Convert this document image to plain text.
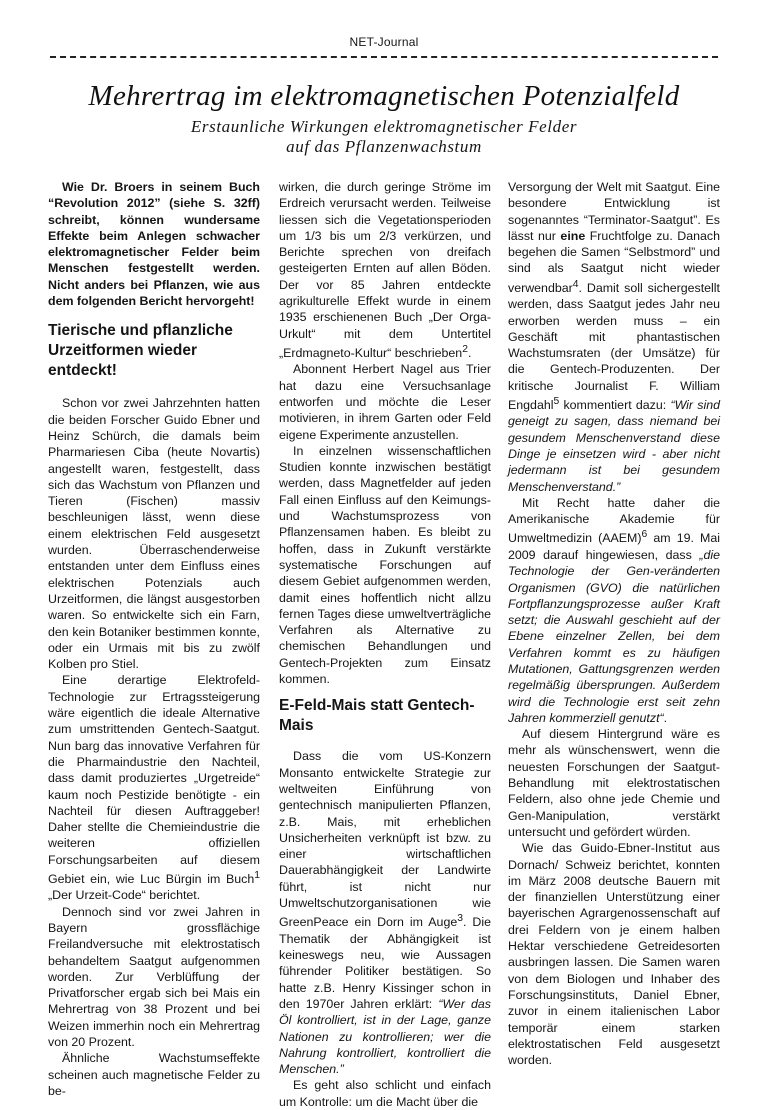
NET-Journal
Mehrertrag im elektromagnetischen Potenzialfeld
Erstaunliche Wirkungen elektromagnetischer Felder
auf das Pflanzenwachstum

Wie Dr. Broers in seinem Buch “Revolution 2012” (siehe S. 32ff) schreibt, können wundersame Effekte beim Anlegen schwacher elektromagnetischer Felder beim Menschen festgestellt werden. Nicht anders bei Pflanzen, wie aus dem folgenden Bericht hervorgeht!

Tierische und pflanzliche Urzeitformen wieder entdeckt!

Schon vor zwei Jahrzehnten hatten die beiden Forscher Guido Ebner und Heinz Schürch, die damals beim Pharmariesen Ciba (heute Novartis) angestellt waren, festgestellt, dass sich das Wachstum von Pflanzen und Tieren (Fischen) massiv beschleunigen lässt, wenn diese einem elektrischen Feld ausgesetzt wurden. Überraschenderweise entstanden unter dem Einfluss eines elektrischen Potenzials auch Urzeitformen, die längst ausgestorben waren. So entwickelte sich ein Farn, den kein Botaniker bestimmen konnte, oder ein Urmais mit bis zu zwölf Kolben pro Stiel.

Eine derartige Elektrofeld-Technologie zur Ertragssteigerung wäre eigentlich die ideale Alternative zum umstrittenden Gentech-Saatgut. Nun barg das innovative Verfahren für die Pharmaindustrie den Nachteil, dass damit produziertes „Urgetreide“ kaum noch Pestizide benötigte - ein Nachteil für diesen Auftraggeber! Daher stellte die Chemieindustrie die weiteren offiziellen Forschungsarbeiten auf diesem Gebiet ein, wie Luc Bürgin im Buch$^1$ „Der Urzeit-Code“ berichtet.

Dennoch sind vor zwei Jahren in Bayern grossflächige Freilandversuche mit elektrostatisch behandeltem Saatgut aufgenommen worden. Zur Verblüffung der Privatforscher ergab sich bei Mais ein Mehrertrag von 38 Prozent und bei Weizen immerhin noch ein Mehrertrag von 20 Prozent.

Ähnliche Wachstumseffekte scheinen auch magnetische Felder zu be-

wirken, die durch geringe Ströme im Erdreich verursacht werden. Teilweise liessen sich die Vegetationsperioden um 1/3 bis um 2/3 verkürzen, und Berichte sprechen von dreifach gesteigerten Ernten auf allen Böden. Der vor 85 Jahren entdeckte agrikulturelle Effekt wurde in einem 1935 erschienenen Buch „Der Orga-Urkult“ mit dem Untertitel „Erdmagneto-Kultur“ beschrieben$^2$.

Abonnent Herbert Nagel aus Trier hat dazu eine Versuchsanlage entworfen und möchte die Leser motivieren, in ihrem Garten oder Feld eigene Experimente anzustellen.

In einzelnen wissenschaftlichen Studien konnte inzwischen bestätigt werden, dass Magnetfelder auf jeden Fall einen Einfluss auf den Keimungs- und Wachstumsprozess von Pflanzensamen haben. Es bleibt zu hoffen, dass in Zukunft verstärkte systematische Forschungen auf diesem Gebiet aufgenommen werden, damit eines hoffentlich nicht allzu fernen Tages diese umweltverträgliche Verfahren als Alternative zu chemischen Behandlungen und Gentech-Projekten zum Einsatz kommen.

E-Feld-Mais statt Gentech-Mais

Dass die vom US-Konzern Monsanto entwickelte Strategie zur weltweiten Einführung von gentechnisch manipulierten Pflanzen, z.B. Mais, mit erheblichen Unsicherheiten verknüpft ist bzw. zu einer wirtschaftlichen Dauerabhängigkeit der Landwirte führt, ist nicht nur Umweltschutzorganisationen wie GreenPeace ein Dorn im Auge$^3$. Die Thematik der Abhängigkeit ist keineswegs neu, wie Aussagen führender Politiker bestätigen. So hatte z.B. Henry Kissinger schon in den 1970er Jahren erklärt: “Wer das Öl kontrolliert, ist in der Lage, ganze Nationen zu kontrollieren; wer die Nahrung kontrolliert, kontrolliert die Menschen.”

Es geht also schlicht und einfach um Kontrolle: um die Macht über die

Versorgung der Welt mit Saatgut. Eine besondere Entwicklung ist sogenanntes “Terminator-Saatgut”. Es lässt nur eine Fruchtfolge zu. Danach begehen die Samen “Selbstmord” und sind als Saatgut nicht wieder verwendbar$^4$. Damit soll sichergestellt werden, dass Saatgut jedes Jahr neu erworben werden muss – ein Geschäft mit phantastischen Wachstumsraten (der Umsätze) für die Gentech-Produzenten. Der kritische Journalist F. William Engdahl$^5$ kommentiert dazu: “Wir sind geneigt zu sagen, dass niemand bei gesundem Menschenverstand diese Dinge je einsetzen wird - aber nicht jedermann ist bei gesundem Menschenverstand.”

Mit Recht hatte daher die Amerikanische Akademie für Umweltmedizin (AAEM)$^6$ am 19. Mai 2009 darauf hingewiesen, dass „die Technologie der Gen-veränderten Organismen (GVO) die natürlichen Fortpflanzungsprozesse außer Kraft setzt; die Auswahl geschieht auf der Ebene einzelner Zellen, bei dem Verfahren kommt es zu häufigen Mutationen, Gattungsgrenzen werden regelmäßig übersprungen. Außerdem wird die Technologie erst seit zehn Jahren kommerziell genutzt“.

Auf diesem Hintergrund wäre es mehr als wünschenswert, wenn die neuesten Forschungen der Saatgut-Behandlung mit elektrostatischen Feldern, also ohne jede Chemie und Gen-Manipulation, verstärkt untersucht und gefördert würden.

Wie das Guido-Ebner-Institut aus Dornach/ Schweiz berichtet, konnten im März 2008 deutsche Bauern mit der finanziellen Unterstützung einer bayerischen Agrargenossenschaft auf drei Feldern von je einem halben Hektar verschiedene Getreidesorten ausbringen lassen. Die Samen waren von dem Biologen und Inhaber des Forschungsinstituts, Daniel Ebner, zuvor in einem italienischen Labor temporär einem starken elektrostatischen Feld ausgesetzt worden.
